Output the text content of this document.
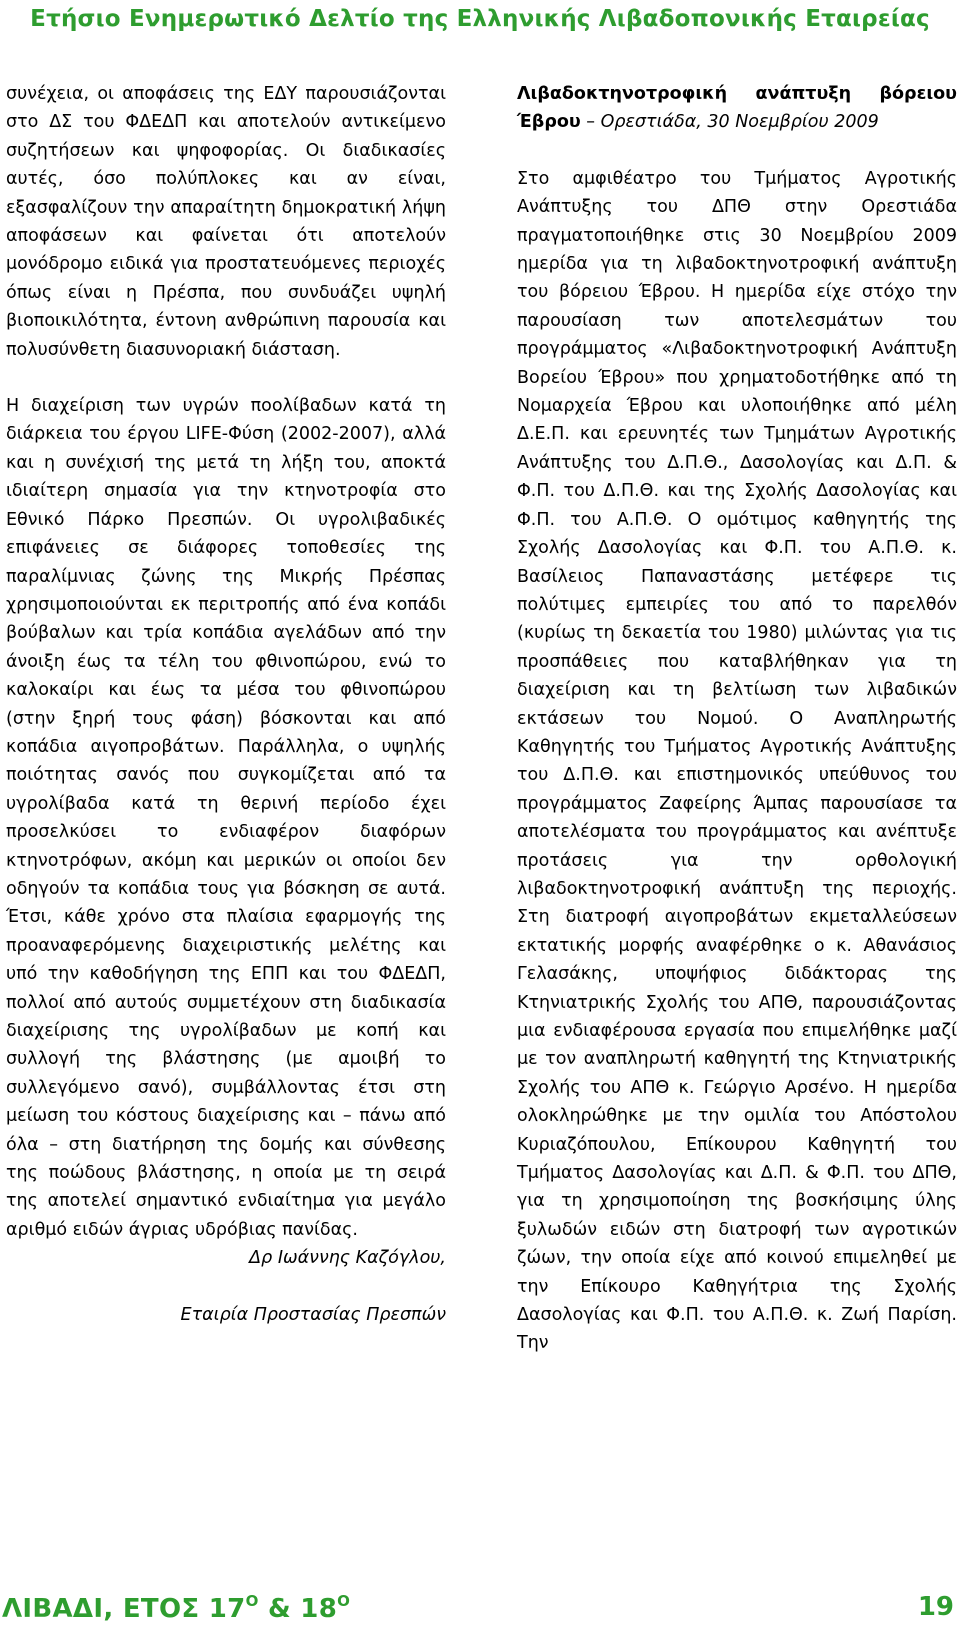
Ετήσιο Ενημερωτικό Δελτίο της Ελληνικής Λιβαδοπονικής Εταιρείας

συνέχεια, οι αποφάσεις της ΕΔΥ παρουσιάζονται στο ΔΣ του ΦΔΕΔΠ και αποτελούν αντικείμενο συζητήσεων και ψηφοφορίας. Οι διαδικασίες αυτές, όσο πολύπλοκες και αν είναι, εξασφαλίζουν την απαραίτητη δημοκρατική λήψη αποφάσεων και φαίνεται ότι αποτελούν μονόδρομο ειδικά για προστατευόμενες περιοχές όπως είναι η Πρέσπα, που συνδυάζει υψηλή βιοποικιλότητα, έντονη ανθρώπινη παρουσία και πολυσύνθετη διασυνοριακή διάσταση.

Η διαχείριση των υγρών ποολίβαδων κατά τη διάρκεια του έργου LIFE-Φύση (2002-2007), αλλά και η συνέχισή της μετά τη λήξη του, αποκτά ιδιαίτερη σημασία για την κτηνοτροφία στο Εθνικό Πάρκο Πρεσπών. Οι υγρολιβαδικές επιφάνειες σε διάφορες τοποθεσίες της παραλίμνιας ζώνης της Μικρής Πρέσπας χρησιμοποιούνται εκ περιτροπής από ένα κοπάδι βούβαλων και τρία κοπάδια αγελάδων από την άνοιξη έως τα τέλη του φθινοπώρου, ενώ το καλοκαίρι και έως τα μέσα του φθινοπώρου (στην ξηρή τους φάση) βόσκονται και από κοπάδια αιγοπροβάτων. Παράλληλα, ο υψηλής ποιότητας σανός που συγκομίζεται από τα υγρολίβαδα κατά τη θερινή περίοδο έχει προσελκύσει το ενδιαφέρον διαφόρων κτηνοτρόφων, ακόμη και μερικών οι οποίοι δεν οδηγούν τα κοπάδια τους για βόσκηση σε αυτά. Έτσι, κάθε χρόνο στα πλαίσια εφαρμογής της προαναφερόμενης διαχειριστικής μελέτης και υπό την καθοδήγηση της ΕΠΠ και του ΦΔΕΔΠ, πολλοί από αυτούς συμμετέχουν στη διαδικασία διαχείρισης της υγρολίβαδων με κοπή και συλλογή της βλάστησης (με αμοιβή το συλλεγόμενο σανό), συμβάλλοντας έτσι στη μείωση του κόστους διαχείρισης και – πάνω από όλα – στη διατήρηση της δομής και σύνθεσης της ποώδους βλάστησης, η οποία με τη σειρά της αποτελεί σημαντικό ενδιαίτημα για μεγάλο αριθμό ειδών άγριας υδρόβιας πανίδας.

Δρ Ιωάννης Καζόγλου,

Εταιρία Προστασίας Πρεσπών

Λιβαδοκτηνοτροφική ανάπτυξη βόρειου Έβρου – Ορεστιάδα, 30 Νοεμβρίου 2009

Στο αμφιθέατρο του Τμήματος Αγροτικής Ανάπτυξης του ΔΠΘ στην Ορεστιάδα πραγματοποιήθηκε στις 30 Νοεμβρίου 2009 ημερίδα για τη λιβαδοκτηνοτροφική ανάπτυξη του βόρειου Έβρου. Η ημερίδα είχε στόχο την παρουσίαση των αποτελεσμάτων του προγράμματος «Λιβαδοκτηνοτροφική Ανάπτυξη Βορείου Έβρου» που χρηματοδοτήθηκε από τη Νομαρχεία Έβρου και υλοποιήθηκε από μέλη Δ.Ε.Π. και ερευνητές των Τμημάτων Αγροτικής Ανάπτυξης του Δ.Π.Θ., Δασολογίας και Δ.Π. & Φ.Π. του Δ.Π.Θ. και της Σχολής Δασολογίας και Φ.Π. του Α.Π.Θ. Ο ομότιμος καθηγητής της Σχολής Δασολογίας και Φ.Π. του Α.Π.Θ. κ. Βασίλειος Παπαναστάσης μετέφερε τις πολύτιμες εμπειρίες του από το παρελθόν (κυρίως τη δεκαετία του 1980) μιλώντας για τις προσπάθειες που καταβλήθηκαν για τη διαχείριση και τη βελτίωση των λιβαδικών εκτάσεων του Νομού. Ο Αναπληρωτής Καθηγητής του Τμήματος Αγροτικής Ανάπτυξης του Δ.Π.Θ. και επιστημονικός υπεύθυνος του προγράμματος Ζαφείρης Άμπας παρουσίασε τα αποτελέσματα του προγράμματος και ανέπτυξε προτάσεις για την ορθολογική λιβαδοκτηνοτροφική ανάπτυξη της περιοχής. Στη διατροφή αιγοπροβάτων εκμεταλλεύσεων εκτατικής μορφής αναφέρθηκε ο κ. Αθανάσιος Γελασάκης, υποψήφιος διδάκτορας της Κτηνιατρικής Σχολής του ΑΠΘ, παρουσιάζοντας μια ενδιαφέρουσα εργασία που επιμελήθηκε μαζί με τον αναπληρωτή καθηγητή της Κτηνιατρικής Σχολής του ΑΠΘ κ. Γεώργιο Αρσένο. Η ημερίδα ολοκληρώθηκε με την ομιλία του Απόστολου Κυριαζόπουλου, Επίκουρου Καθηγητή του Τμήματος Δασολογίας και Δ.Π. & Φ.Π. του ΔΠΘ, για τη χρησιμοποίηση της βοσκήσιμης ύλης ξυλωδών ειδών στη διατροφή των αγροτικών ζώων, την οποία είχε από κοινού επιμεληθεί με την Επίκουρο Καθηγήτρια της Σχολής Δασολογίας και Φ.Π. του Α.Π.Θ. κ. Ζωή Παρίση. Την

ΛΙΒΑΔΙ, ΕΤΟΣ $17^O$ & $18^O$	19
